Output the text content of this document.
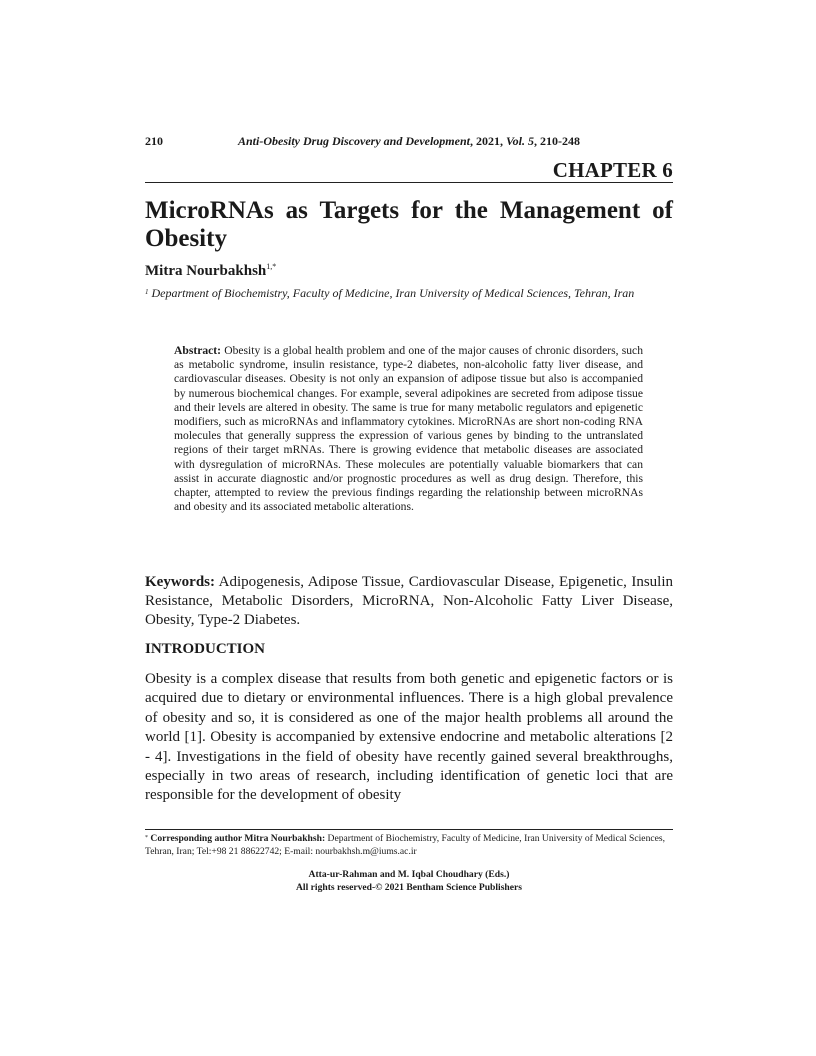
210	Anti-Obesity Drug Discovery and Development, 2021, Vol. 5, 210-248
CHAPTER 6
MicroRNAs as Targets for the Management of Obesity
Mitra Nourbakhsh$^{1,*}$
$^1$ Department of Biochemistry, Faculty of Medicine, Iran University of Medical Sciences, Tehran, Iran
Abstract: Obesity is a global health problem and one of the major causes of chronic disorders, such as metabolic syndrome, insulin resistance, type-2 diabetes, non-alcoholic fatty liver disease, and cardiovascular diseases. Obesity is not only an expansion of adipose tissue but also is accompanied by numerous biochemical changes. For example, several adipokines are secreted from adipose tissue and their levels are altered in obesity. The same is true for many metabolic regulators and epigenetic modifiers, such as microRNAs and inflammatory cytokines. MicroRNAs are short non-coding RNA molecules that generally suppress the expression of various genes by binding to the untranslated regions of their target mRNAs. There is growing evidence that metabolic diseases are associated with dysregulation of microRNAs. These molecules are potentially valuable biomarkers that can assist in accurate diagnostic and/or prognostic procedures as well as drug design. Therefore, this chapter, attempted to review the previous findings regarding the relationship between microRNAs and obesity and its associated metabolic alterations.
Keywords: Adipogenesis, Adipose Tissue, Cardiovascular Disease, Epigenetic, Insulin Resistance, Metabolic Disorders, MicroRNA, Non-Alcoholic Fatty Liver Disease, Obesity, Type-2 Diabetes.
INTRODUCTION
Obesity is a complex disease that results from both genetic and epigenetic factors or is acquired due to dietary or environmental influences. There is a high global prevalence of obesity and so, it is considered as one of the major health problems all around the world [1]. Obesity is accompanied by extensive endocrine and metabolic alterations [2 - 4]. Investigations in the field of obesity have recently gained several breakthroughs, especially in two areas of research, including identification of genetic loci that are responsible for the development of obesity
* Corresponding author Mitra Nourbakhsh: Department of Biochemistry, Faculty of Medicine, Iran University of Medical Sciences, Tehran, Iran; Tel:+98 21 88622742; E-mail: nourbakhsh.m@iums.ac.ir
Atta-ur-Rahman and M. Iqbal Choudhary (Eds.)
All rights reserved-© 2021 Bentham Science Publishers
